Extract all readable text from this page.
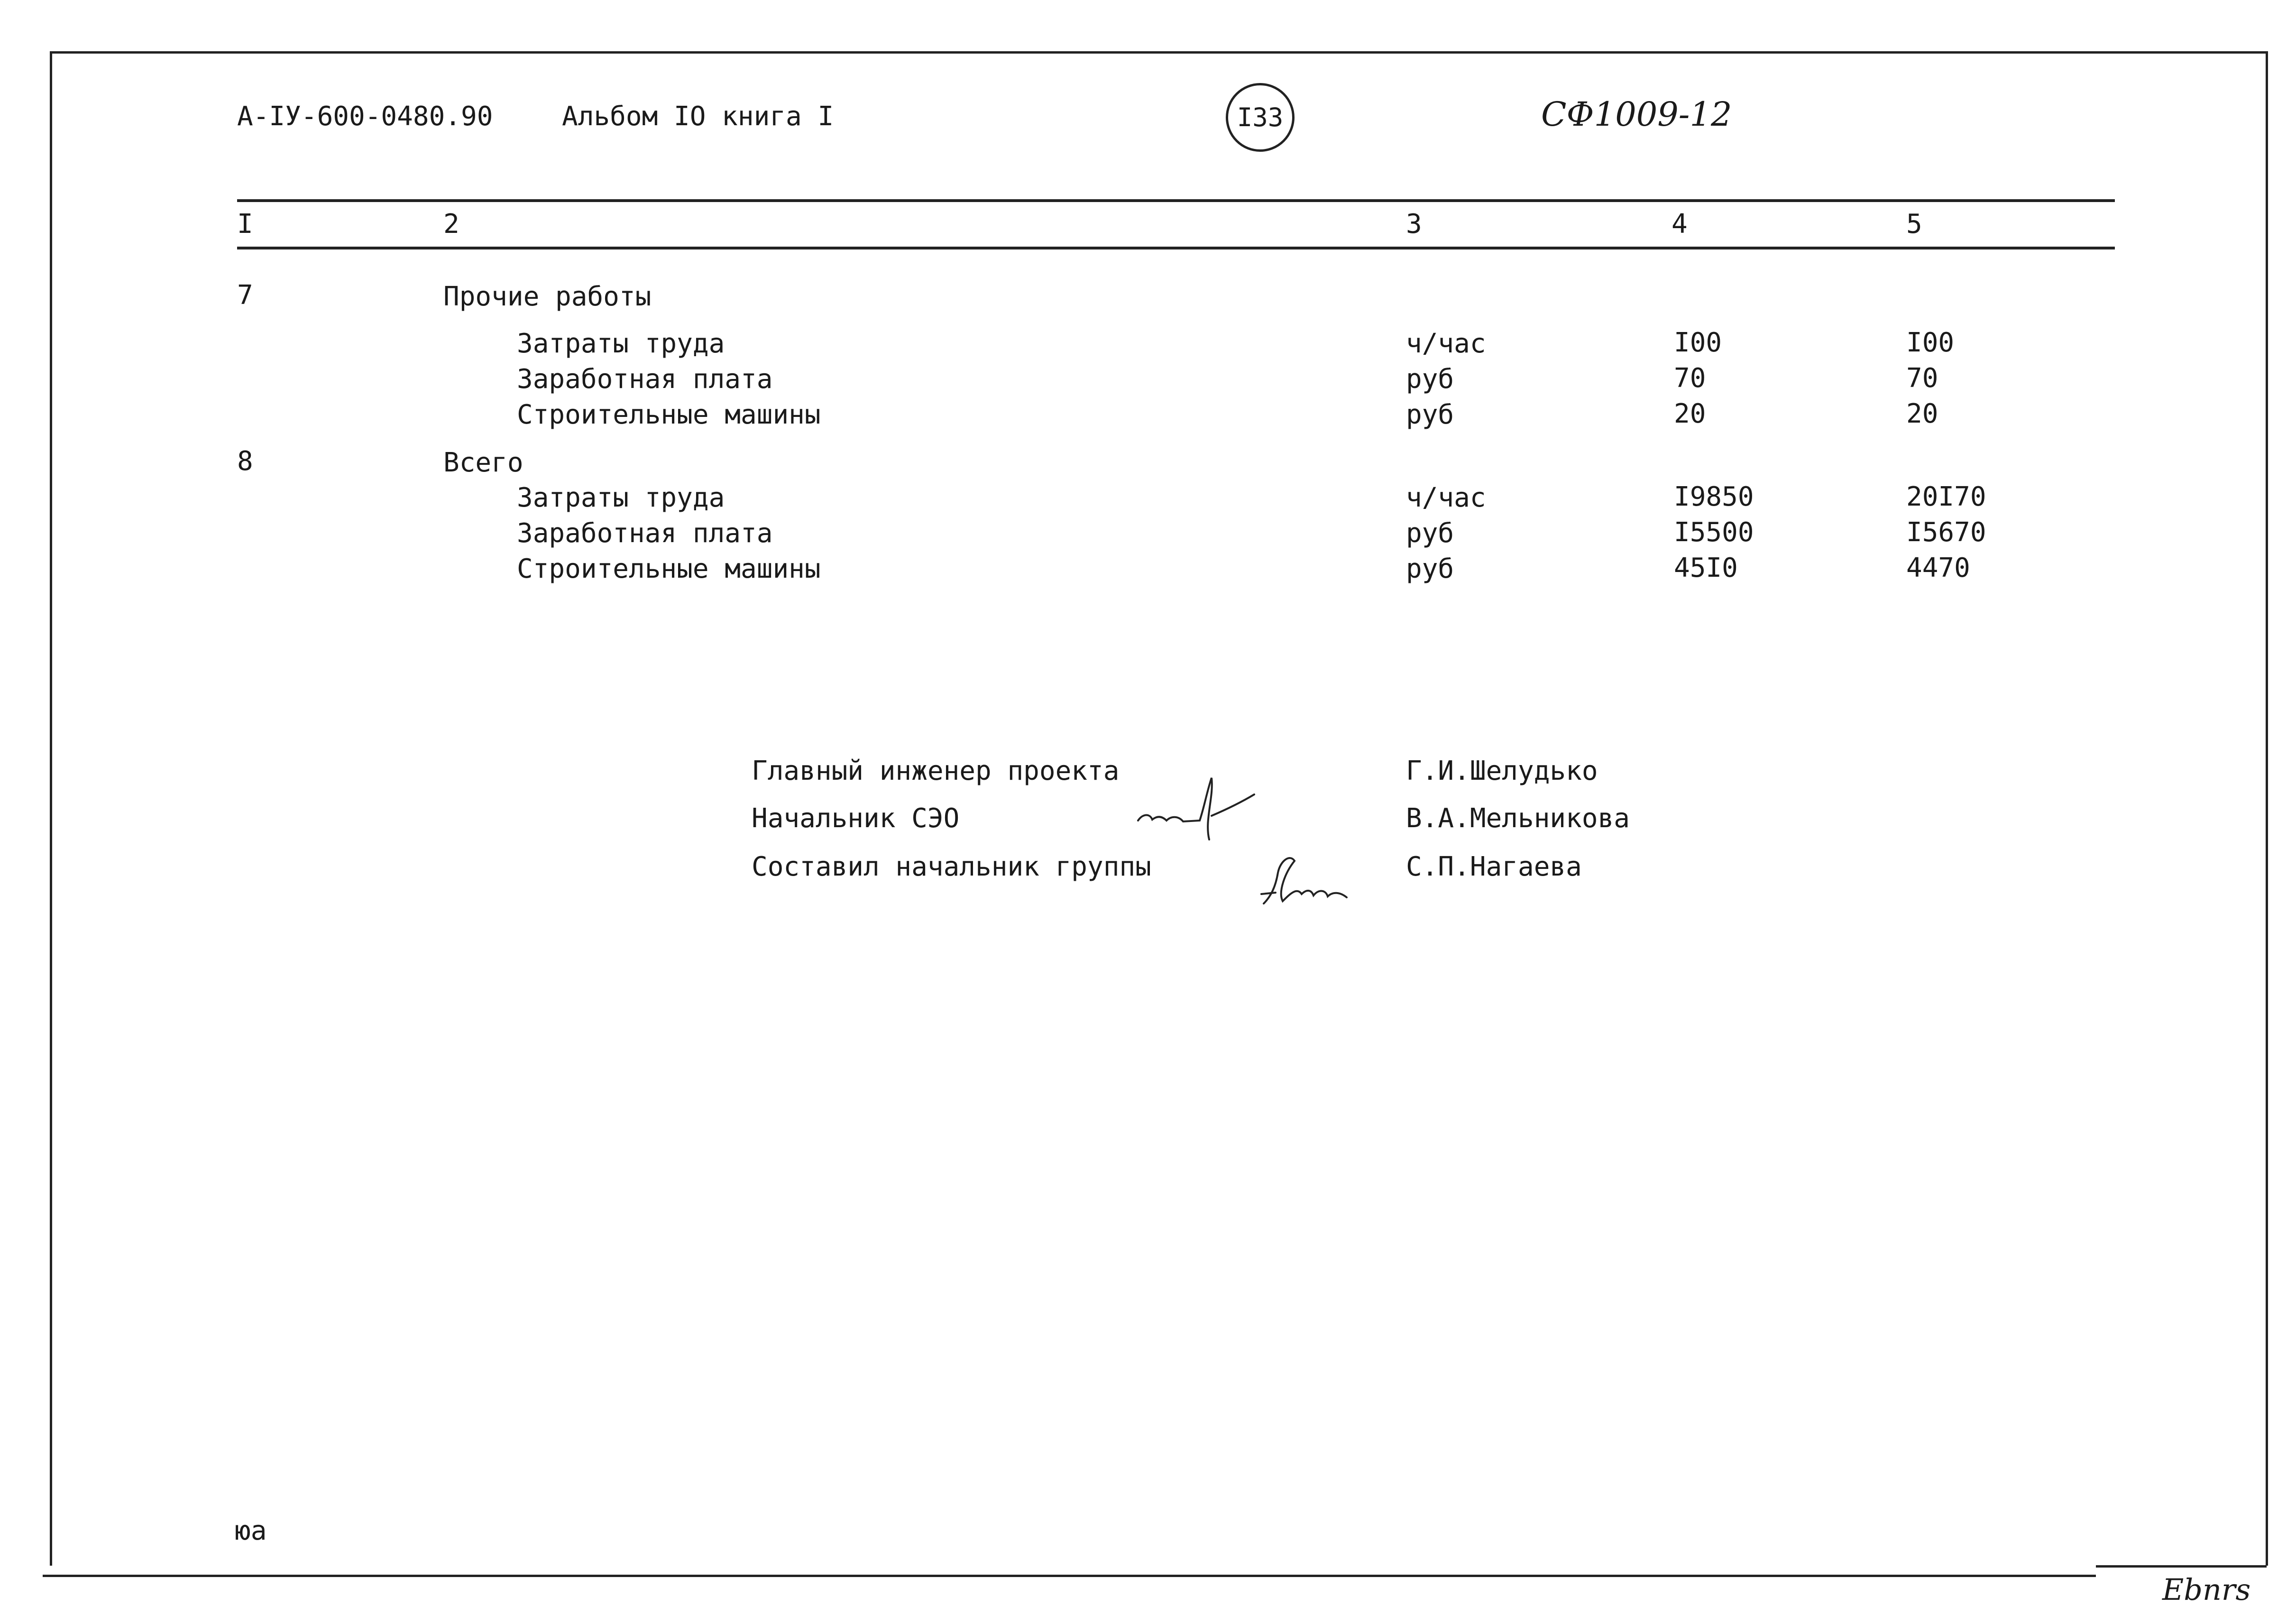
А-IУ-600-0480.90	Альбом IO книга I	I33	СФ1009-12
I	2	3	4	5
7	Прочие работы
Затраты труда	ч/час	I00	I00
Заработная плата	руб	70	70
Строительные машины	руб	20	20
8	Всего
Затраты труда	ч/час	I9850	20I70
Заработная плата	руб	I5500	I5670
Строительные машины	руб	45I0	4470
Главный инженер проекта	Г.И.Шелудько
Начальник СЭО	В.А.Мельникова
Составил начальник группы	С.П.Нагаева
юа
Ebnrs
